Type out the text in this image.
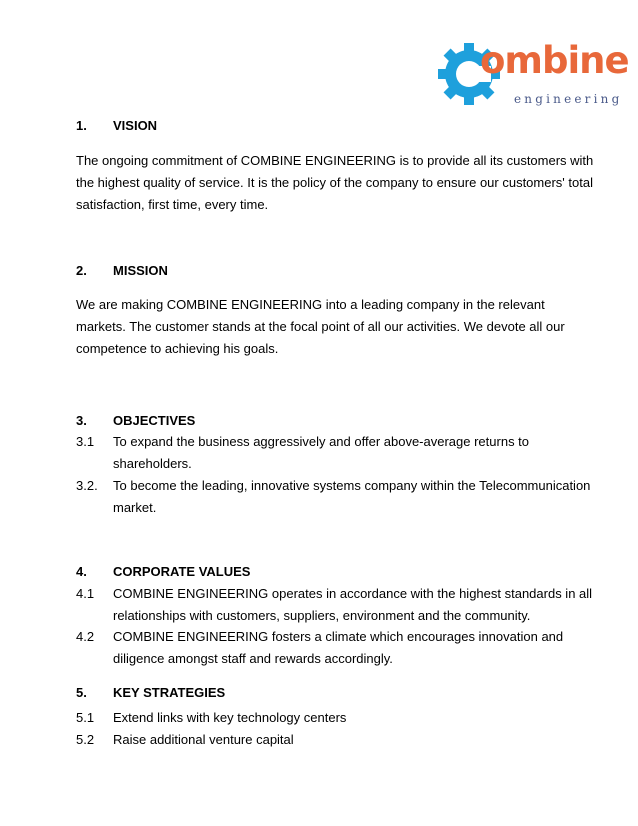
ombine
engineering
1. VISION

The ongoing commitment of COMBINE ENGINEERING is to provide all its customers with the highest quality of service. It is the policy of the company to ensure our customers' total satisfaction, first time, every time.

2. MISSION

We are making COMBINE ENGINEERING into a leading company in the relevant markets. The customer stands at the focal point of all our activities. We devote all our competence to achieving his goals.

3. OBJECTIVES
3.1 To expand the business aggressively and offer above-average returns to shareholders.

3.2. To become the leading, innovative systems company within the Telecommunication market.

4. CORPORATE VALUES
4.1 COMBINE ENGINEERING operates in accordance with the highest standards in all relationships with customers, suppliers, environment and the community.

4.2 COMBINE ENGINEERING fosters a climate which encourages innovation and diligence amongst staff and rewards accordingly.

5. KEY STRATEGIES
5.1 Extend links with key technology centers

5.2 Raise additional venture capital
